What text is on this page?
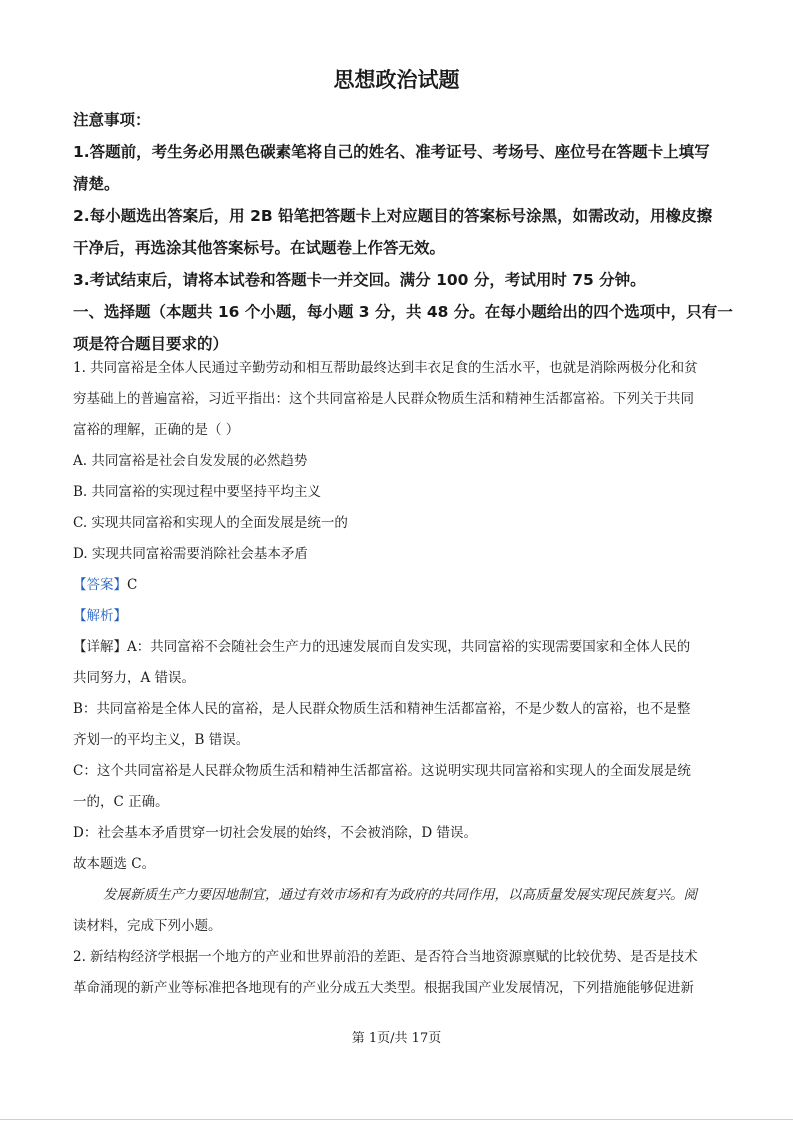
思想政治试题

注意事项：

1.答题前，考生务必用黑色碳素笔将自己的姓名、准考证号、考场号、座位号在答题卡上填写

清楚。

2.每小题选出答案后，用 2B 铅笔把答题卡上对应题目的答案标号涂黑，如需改动，用橡皮擦

干净后，再选涂其他答案标号。在试题卷上作答无效。

3.考试结束后，请将本试卷和答题卡一并交回。满分 100 分，考试用时 75 分钟。

一、选择题（本题共 16 个小题，每小题 3 分，共 48 分。在每小题给出的四个选项中，只有一

项是符合题目要求的）

1. 共同富裕是全体人民通过辛勤劳动和相互帮助最终达到丰衣足食的生活水平，也就是消除两极分化和贫

穷基础上的普遍富裕，习近平指出：这个共同富裕是人民群众物质生活和精神生活都富裕。下列关于共同

富裕的理解，正确的是（ ）

A. 共同富裕是社会自发发展的必然趋势

B. 共同富裕的实现过程中要坚持平均主义

C. 实现共同富裕和实现人的全面发展是统一的

D. 实现共同富裕需要消除社会基本矛盾

【答案】C

【解析】

【详解】A：共同富裕不会随社会生产力的迅速发展而自发实现，共同富裕的实现需要国家和全体人民的

共同努力，A 错误。

B：共同富裕是全体人民的富裕，是人民群众物质生活和精神生活都富裕，不是少数人的富裕，也不是整

齐划一的平均主义，B 错误。

C：这个共同富裕是人民群众物质生活和精神生活都富裕。这说明实现共同富裕和实现人的全面发展是统

一的，C 正确。

D：社会基本矛盾贯穿一切社会发展的始终，不会被消除，D 错误。

故本题选 C。

发展新质生产力要因地制宜，通过有效市场和有为政府的共同作用，以高质量发展实现民族复兴。阅

读材料，完成下列小题。

2. 新结构经济学根据一个地方的产业和世界前沿的差距、是否符合当地资源禀赋的比较优势、是否是技术

革命涌现的新产业等标准把各地现有的产业分成五大类型。根据我国产业发展情况，下列措施能够促进新

第 1页/共 17页
